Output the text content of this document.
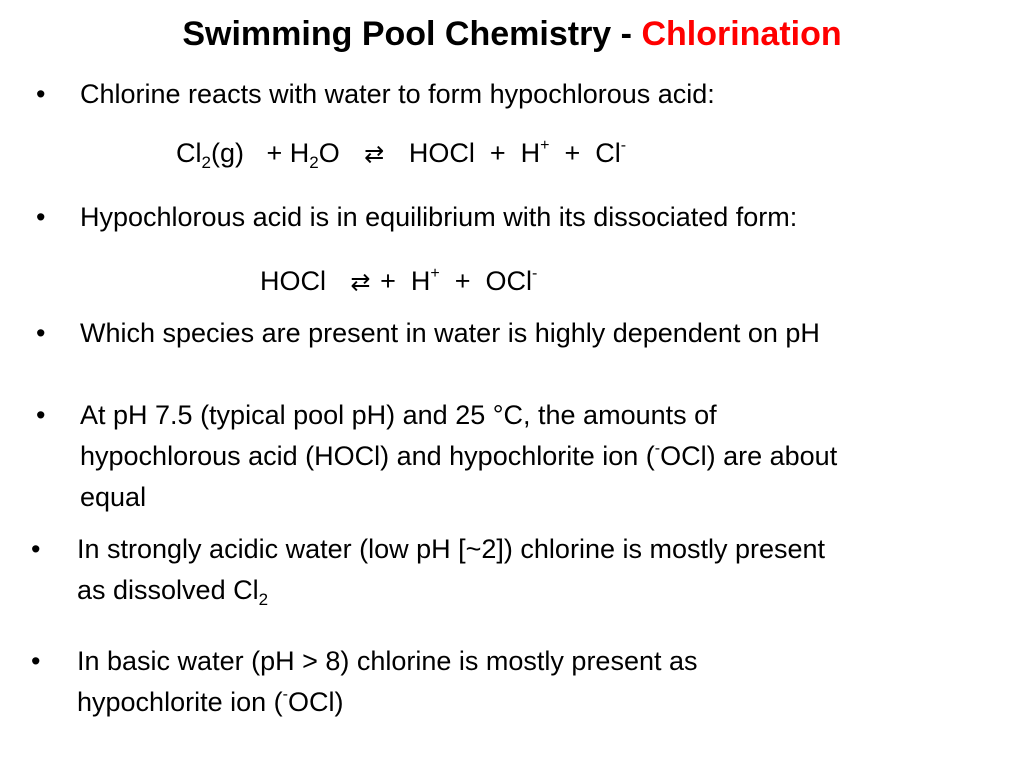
Swimming Pool Chemistry - Chlorination
• Chlorine reacts with water to form hypochlorous acid:
$Cl_2(g) + H_2O$   ⇄   HOCl  +  H+  +  Cl-
• Hypochlorous acid is in equilibrium with its dissociated form:
HOCl   ⇄ +  H+  +  OCl-
• Which species are present in water is highly dependent on pH
• At pH 7.5 (typical pool pH) and 25 °C, the amounts of
hypochlorous acid (HOCl) and hypochlorite ion (-OCl) are about
equal
• In strongly acidic water (low pH [~2]) chlorine is mostly present
as dissolved $Cl_2$
• In basic water (pH > 8) chlorine is mostly present as
hypochlorite ion (-OCl)
